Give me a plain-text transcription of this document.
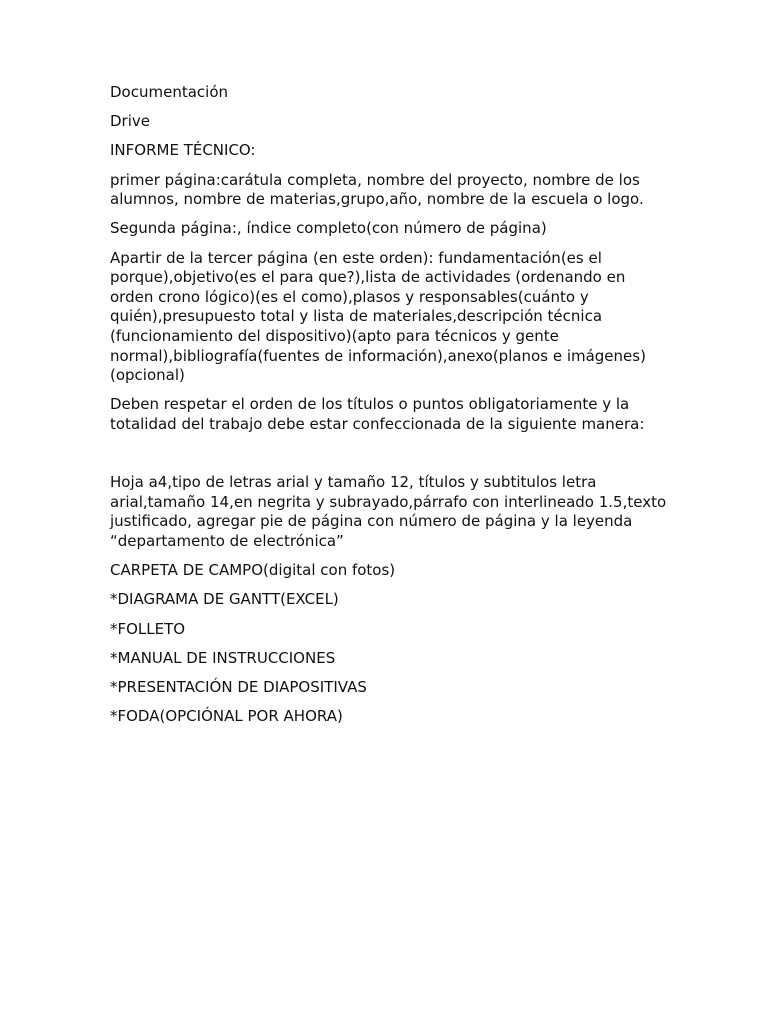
Documentación

Drive

INFORME TÉCNICO:

primer página:carátula completa, nombre del proyecto, nombre de los alumnos, nombre de materias,grupo,año, nombre de la escuela o logo.

Segunda página:, índice completo(con número de página)

Apartir de la tercer página (en este orden): fundamentación(es el porque),objetivo(es el para que?),lista de actividades (ordenando en orden crono lógico)(es el como),plasos y responsables(cuánto y quién),presupuesto total y lista de materiales,descripción técnica (funcionamiento del dispositivo)(apto para técnicos y gente normal),bibliografía(fuentes de información),anexo(planos e imágenes)(opcional)

Deben respetar el orden de los títulos o puntos obligatoriamente y la totalidad del trabajo debe estar confeccionada de la siguiente manera:

Hoja a4,tipo de letras arial y tamaño 12, títulos y subtitulos letra arial,tamaño 14,en negrita y subrayado,párrafo con interlineado 1.5,texto justificado, agregar pie de página con número de página y la leyenda “departamento de electrónica”

CARPETA DE CAMPO(digital con fotos)

*DIAGRAMA DE GANTT(EXCEL)

*FOLLETO

*MANUAL DE INSTRUCCIONES

*PRESENTACIÓN DE DIAPOSITIVAS

*FODA(OPCIÓNAL POR AHORA)
